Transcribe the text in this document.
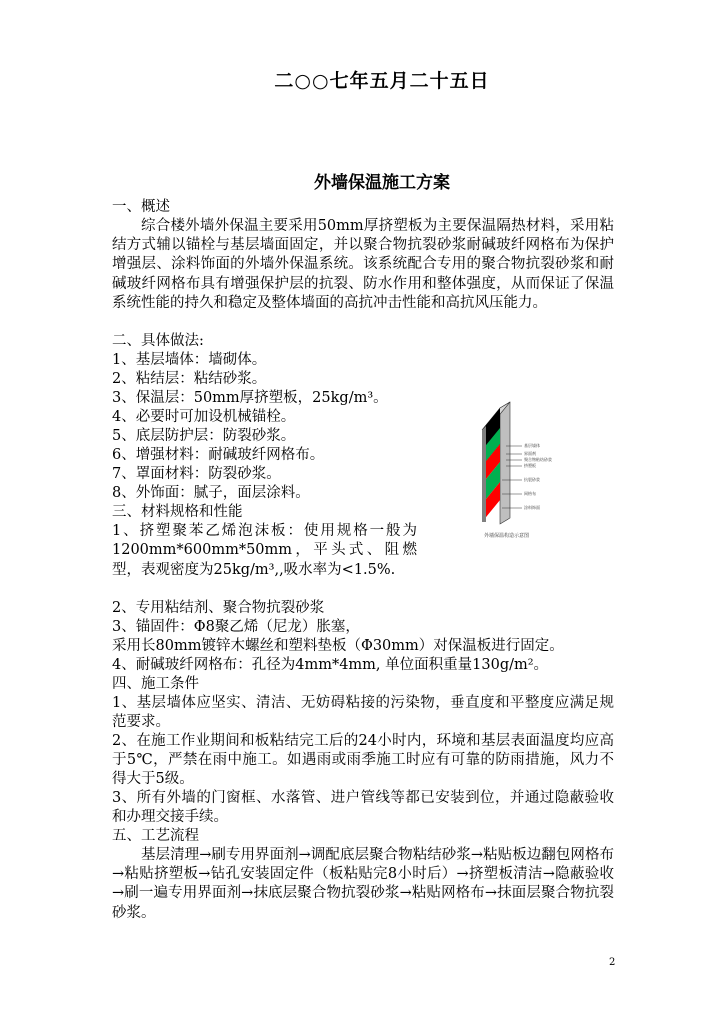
二○○七年五月二十五日
外墙保温施工方案
一、概述
综合楼外墙外保温主要采用50mm厚挤塑板为主要保温隔热材料，采用粘结方式辅以锚栓与基层墙面固定，并以聚合物抗裂砂浆耐碱玻纤网格布为保护增强层、涂料饰面的外墙外保温系统。该系统配合专用的聚合物抗裂砂浆和耐碱玻纤网格布具有增强保护层的抗裂、防水作用和整体强度，从而保证了保温系统性能的持久和稳定及整体墙面的高抗冲击性能和高抗风压能力。
二、具体做法:
1、基层墙体：墙砌体。
2、粘结层：粘结砂浆。
3、保温层：50mm厚挤塑板，25kg/m³。
4、必要时可加设机械锚栓。
5、底层防护层：防裂砂浆。
6、增强材料：耐碱玻纤网格布。
7、罩面材料：防裂砂浆。
8、外饰面：腻子，面层涂料。
三、材料规格和性能
1、挤塑聚苯乙烯泡沫板：使用规格一般为1200mm*600mm*50mm，平头式、阻燃型，表观密度为25kg/m³,,吸水率为<1.5%.
2、专用粘结剂、聚合物抗裂砂浆
3、锚固件：Φ8聚乙烯（尼龙）胀塞，
采用长80mm镀锌木螺丝和塑料垫板（Φ30mm）对保温板进行固定。
4、耐碱玻纤网格布：孔径为4mm*4mm, 单位面积重量130g/m²。
四、施工条件
1、基层墙体应坚实、清洁、无妨碍粘接的污染物，垂直度和平整度应满足规范要求。
2、在施工作业期间和板粘结完工后的24小时内，环境和基层表面温度均应高于5℃，严禁在雨中施工。如遇雨或雨季施工时应有可靠的防雨措施，风力不得大于5级。
3、所有外墙的门窗框、水落管、进户管线等都已安装到位，并通过隐蔽验收和办理交接手续。
五、工艺流程
基层清理→刷专用界面剂→调配底层聚合物粘结砂浆→粘贴板边翻包网格布→粘贴挤塑板→钻孔安装固定件（板粘贴完8小时后）→挤塑板清洁→隐蔽验收→刷一遍专用界面剂→抹底层聚合物抗裂砂浆→粘贴网格布→抹面层聚合物抗裂砂浆。
基层墙体
界面剂
聚合物粘结砂浆
挤塑板
抗裂砂浆
网格布
涂料饰面
外墙保温构造示意图
2
